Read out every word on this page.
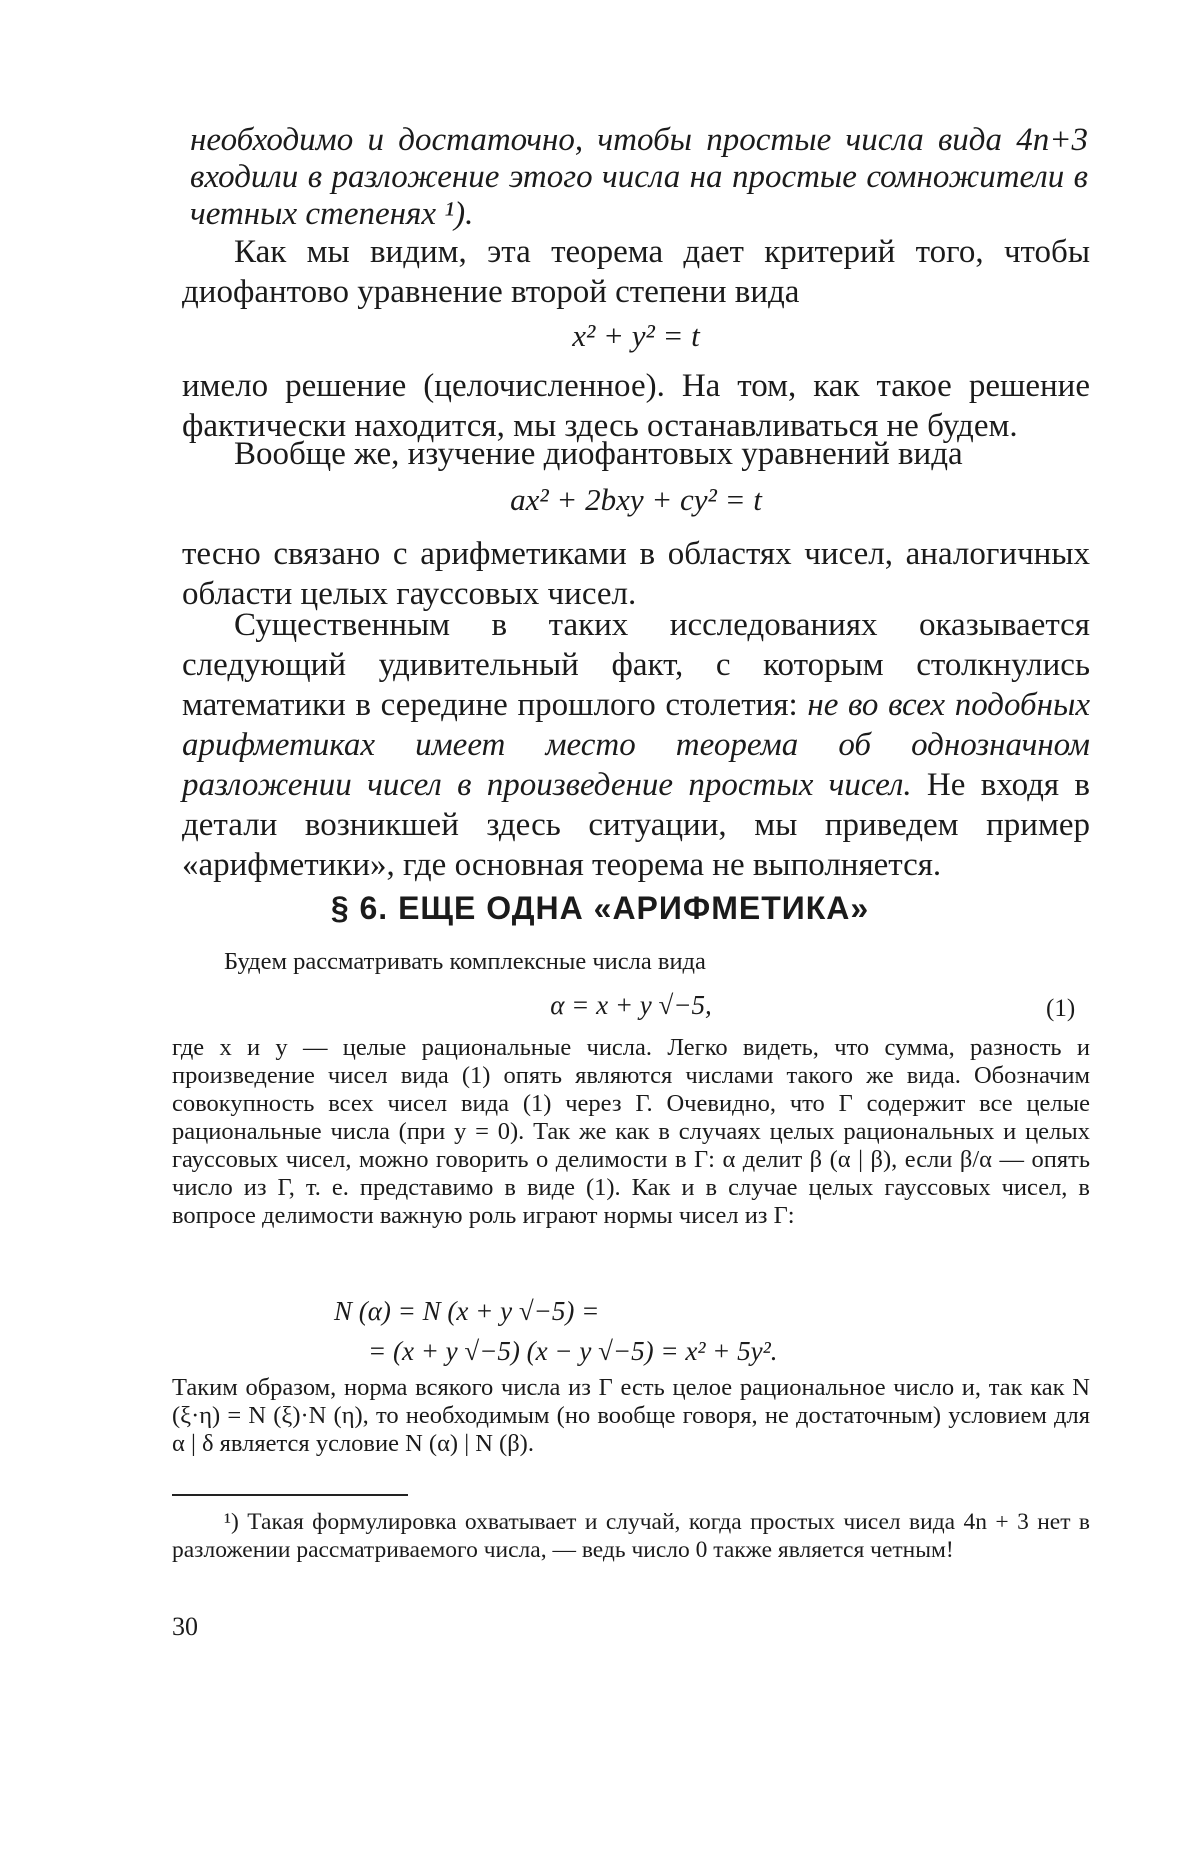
необходимо и достаточно, чтобы простые числа вида 4n+3 входили в разложение этого числа на простые сомножители в четных степенях ¹).

Как мы видим, эта теорема дает критерий того, чтобы диофантово уравнение второй степени вида

x² + y² = t

имело решение (целочисленное). На том, как такое решение фактически находится, мы здесь останавливаться не будем.

Вообще же, изучение диофантовых уравнений вида

ax² + 2bxy + cy² = t

тесно связано с арифметиками в областях чисел, аналогичных области целых гауссовых чисел.

Существенным в таких исследованиях оказывается следующий удивительный факт, с которым столкнулись математики в середине прошлого столетия: не во всех подобных арифметиках имеет место теорема об однозначном разложении чисел в произведение простых чисел. Не входя в детали возникшей здесь ситуации, мы приведем пример «арифметики», где основная теорема не выполняется.

§ 6. ЕЩЕ ОДНА «АРИФМЕТИКА»

Будем рассматривать комплексные числа вида

α = x + y √−5,	(1)

где x и y — целые рациональные числа. Легко видеть, что сумма, разность и произведение чисел вида (1) опять являются числами такого же вида. Обозначим совокупность всех чисел вида (1) через Γ. Очевидно, что Γ содержит все целые рациональные числа (при y = 0). Так же как в случаях целых рациональных и целых гауссовых чисел, можно говорить о делимости в Γ: α делит β (α | β), если β/α — опять число из Γ, т. е. представимо в виде (1). Как и в случае целых гауссовых чисел, в вопросе делимости важную роль играют нормы чисел из Γ:

N (α) = N (x + y √−5) =
= (x + y √−5) (x − y √−5) = x² + 5y².

Таким образом, норма всякого числа из Γ есть целое рациональное число и, так как N (ξ·η) = N (ξ)·N (η), то необходимым (но вообще говоря, не достаточным) условием для α | δ является условие N (α) | N (β).

¹) Такая формулировка охватывает и случай, когда простых чисел вида 4n + 3 нет в разложении рассматриваемого числа, — ведь число 0 также является четным!

30
